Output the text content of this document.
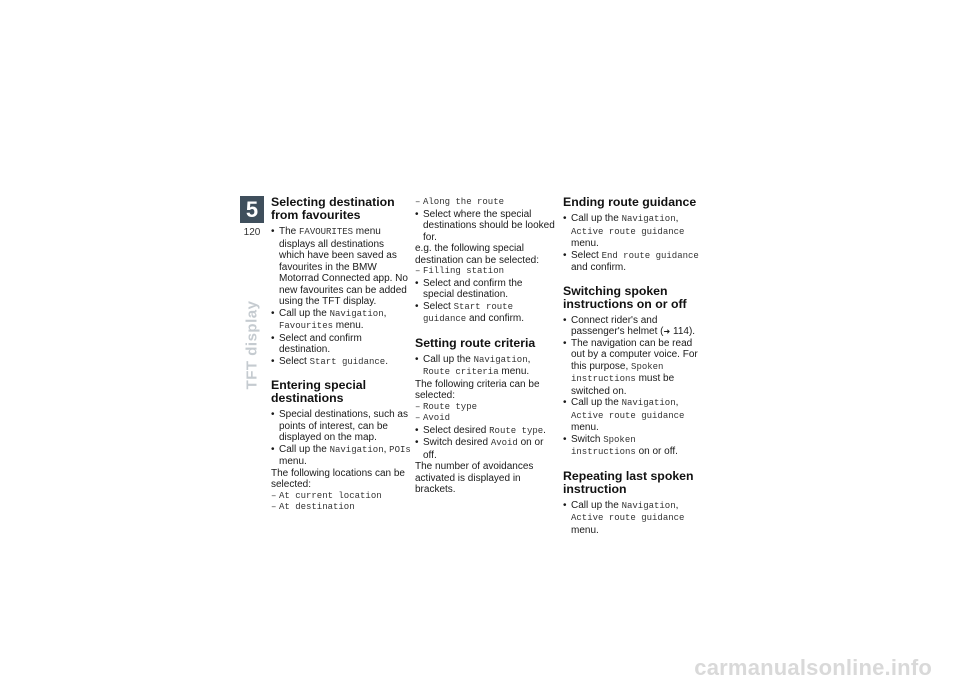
5
120
TFT display
Selecting destination from favourites
• The FAVOURITES menu displays all destinations which have been saved as favourites in the BMW Motorrad Connected app. No new favourites can be added using the TFT display.
• Call up the Navigation, Favourites menu.
• Select and confirm destination.
• Select Start guidance.
Entering special destinations
• Special destinations, such as points of interest, can be displayed on the map.
• Call up the Navigation, POIs menu.

The following locations can be selected:

– At current location
– At destination
– Along the route
• Select where the special destinations should be looked for.

e.g. the following special destination can be selected:

– Filling station
• Select and confirm the special destination.
• Select Start route guidance and confirm.
Setting route criteria
• Call up the Navigation, Route criteria menu.

The following criteria can be selected:

– Route type
– Avoid
• Select desired Route type.
• Switch desired Avoid on or off.

The number of avoidances activated is displayed in brackets.

Ending route guidance
• Call up the Navigation, Active route guidance menu.
• Select End route guidance and confirm.
Switching spoken instructions on or off
• Connect rider's and passenger's helmet (➜ 114).
• The navigation can be read out by a computer voice. For this purpose, Spoken instructions must be switched on.
• Call up the Navigation, Active route guidance menu.
• Switch Spoken instructions on or off.
Repeating last spoken instruction
• Call up the Navigation, Active route guidance menu.
carmanualsonline.info
